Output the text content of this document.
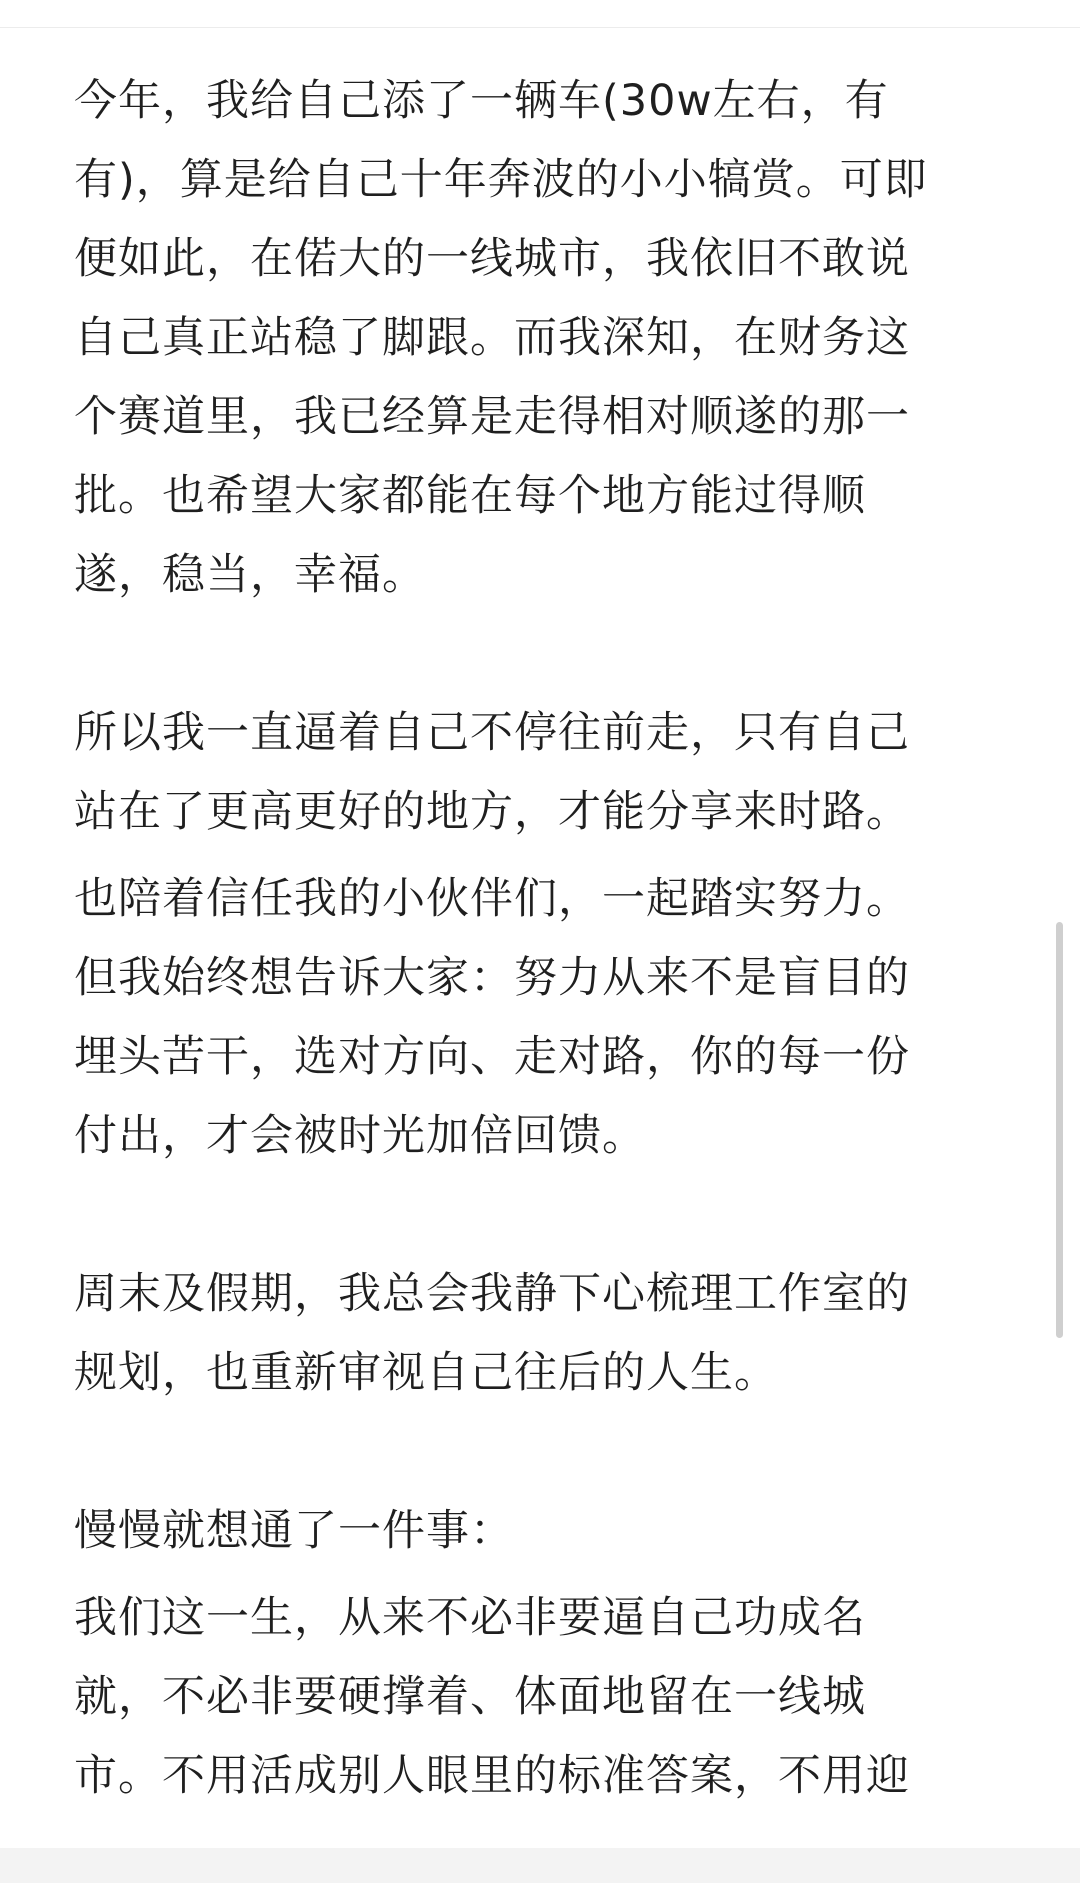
今年，我给自己添了一辆车(30w左右，有
有)，算是给自己十年奔波的小小犒赏。可即
便如此，在偌大的一线城市，我依旧不敢说
自己真正站稳了脚跟。而我深知，在财务这
个赛道里，我已经算是走得相对顺遂的那一
批。也希望大家都能在每个地方能过得顺
遂，稳当，幸福。

所以我一直逼着自己不停往前走，只有自己
站在了更高更好的地方，才能分享来时路。

也陪着信任我的小伙伴们，一起踏实努力。
但我始终想告诉大家：努力从来不是盲目的
埋头苦干，选对方向、走对路，你的每一份
付出，才会被时光加倍回馈。

周末及假期，我总会我静下心梳理工作室的
规划，也重新审视自己往后的人生。

慢慢就想通了一件事：

我们这一生，从来不必非要逼自己功成名
就，不必非要硬撑着、体面地留在一线城
市。不用活成别人眼里的标准答案，不用迎
